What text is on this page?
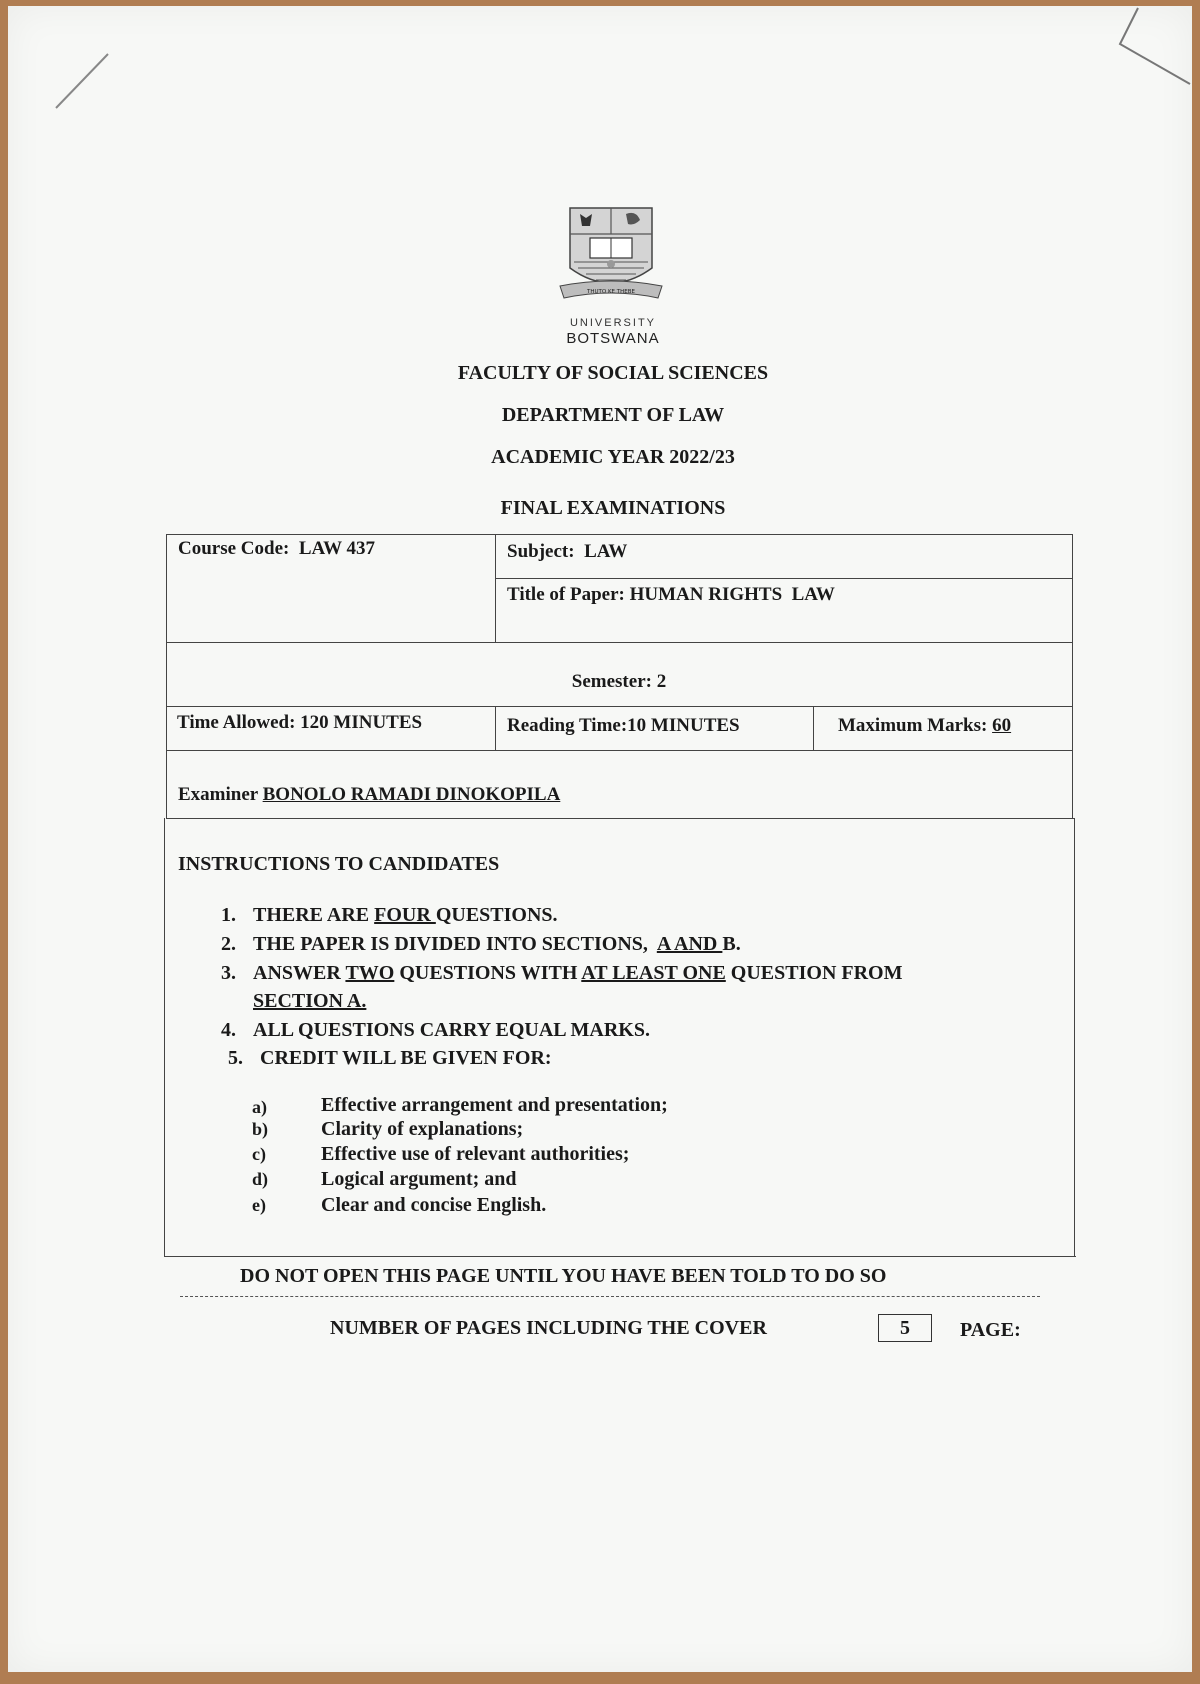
THUTO KE THEBE
UNIVERSITY
BOTSWANA
FACULTY OF SOCIAL SCIENCES
DEPARTMENT OF LAW
ACADEMIC YEAR 2022/23
FINAL EXAMINATIONS
Course Code: LAW 437	Subject: LAW
Title of Paper: HUMAN RIGHTS  LAW
Semester: 2
Time Allowed: 120 MINUTES	Reading Time:10 MINUTES	Maximum Marks: 60
Examiner BONOLO RAMADI DINOKOPILA
INSTRUCTIONS TO CANDIDATES
1. THERE ARE FOUR QUESTIONS.
2. THE PAPER IS DIVIDED INTO SECTIONS,  A AND B.
3. ANSWER TWO QUESTIONS WITH AT LEAST ONE QUESTION FROM
SECTION A.
4. ALL QUESTIONS CARRY EQUAL MARKS.
5. CREDIT WILL BE GIVEN FOR:
a)	Effective arrangement and presentation;
b)	Clarity of explanations;
c)	Effective use of relevant authorities;
d)	Logical argument; and
e)	Clear and concise English.
DO NOT OPEN THIS PAGE UNTIL YOU HAVE BEEN TOLD TO DO SO
NUMBER OF PAGES INCLUDING THE COVER	5	PAGE:
